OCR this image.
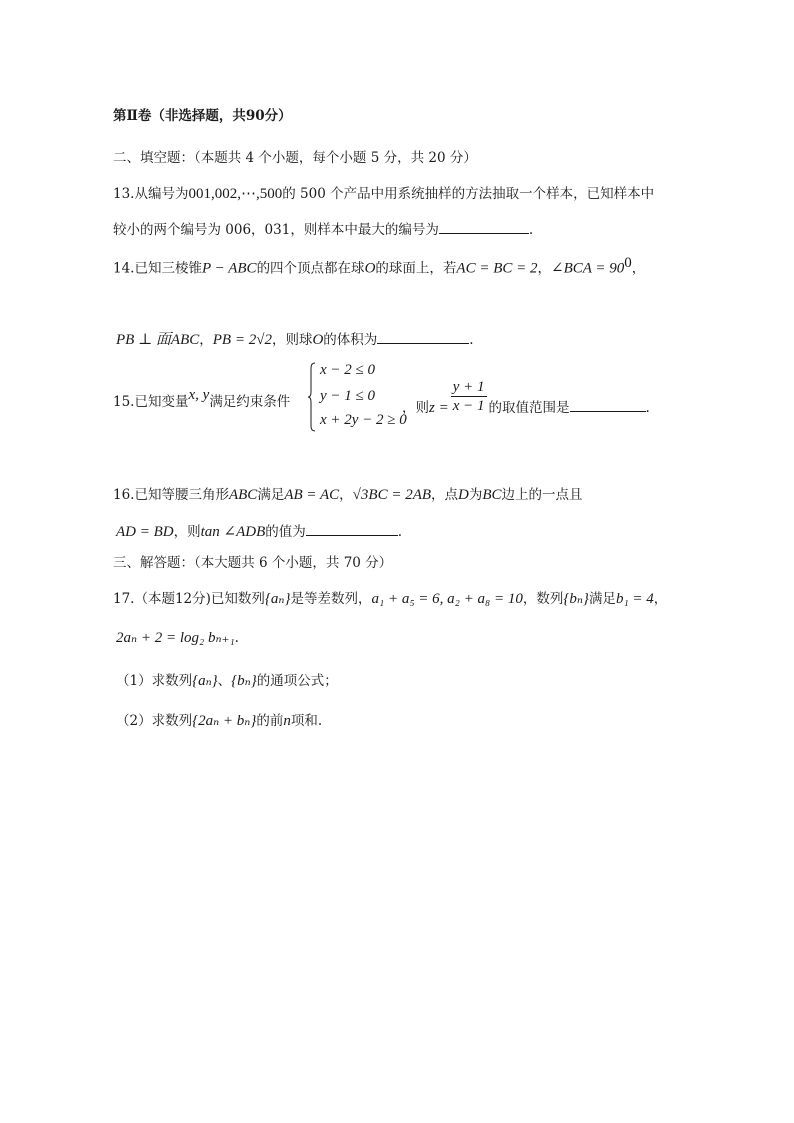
第Ⅱ卷（非选择题，共90分）
二、填空题：（本题共 4 个小题，每个小题 5 分，共 20 分）
13.从编号为001,002,⋯,500的 500 个产品中用系统抽样的方法抽取一个样本，已知样本中
较小的两个编号为 006，031，则样本中最大的编号为	.
14.已知三棱锥P − ABC的四个顶点都在球O的球面上，若AC = BC = 2，∠BCA = $90^0$，
PB ⊥ 面ABC，PB = 2√2，则球O的体积为	.
15.已知变量x, y满足约束条件
x − 2 ≤ 0
y − 1 ≤ 0
x + 2y − 2 ≥ 0
，则$z = \frac{y + 1}{x - 1}$ 的取值范围是	.
16.已知等腰三角形ABC满足AB = AC，√3BC = 2AB，点D为BC边上的一点且
AD = BD，则tan ∠ADB的值为	.
三、解答题：（本大题共 6 个小题，共 70 分）
17.（本题12分)已知数列{aₙ}是等差数列，a₁ + a₅ = 6, a₂ + a₈ = 10，数列{bₙ}满足b₁ = 4，
2aₙ + 2 = log₂ bₙ₊₁.
（1）求数列{aₙ}、{bₙ}的通项公式；
（2）求数列{2aₙ + bₙ}的前n项和.
